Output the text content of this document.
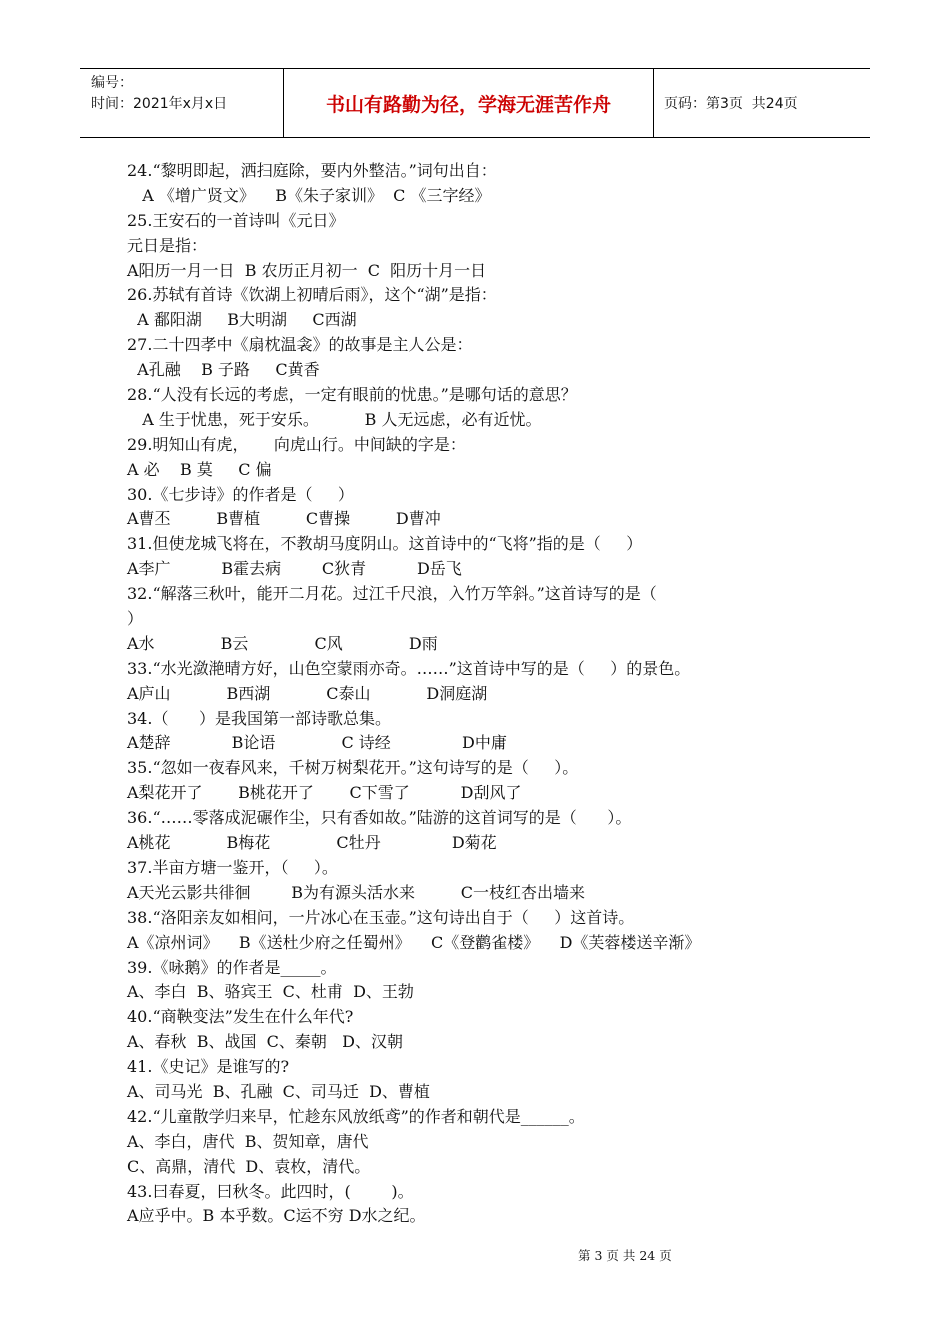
编号：
时间：2021年x月x日	书山有路勤为径，学海无涯苦作舟	页码：第3页  共24页
24.“黎明即起，洒扫庭除，要内外整洁。”词句出自：
A 《增广贤文》    B《朱子家训》  C 《三字经》
25.王安石的一首诗叫《元日》
元日是指：
A阳历一月一日  B 农历正月初一  C  阳历十月一日
26.苏轼有首诗《饮湖上初晴后雨》，这个“湖”是指：
A 鄱阳湖     B大明湖     C西湖
27.二十四孝中《扇枕温衾》的故事是主人公是：
A孔融    B 子路     C黄香
28.“人没有长远的考虑，一定有眼前的忧患。”是哪句话的意思？
A 生于忧患，死于安乐。         B 人无远虑，必有近忧。
29.明知山有虎，     向虎山行。中间缺的字是：
A 必    B 莫     C 偏
30.《七步诗》的作者是（     ）
A曹丕         B曹植         C曹操         D曹冲
31.但使龙城飞将在，不教胡马度阴山。这首诗中的“飞将”指的是（     ）
A李广          B霍去病        C狄青          D岳飞
32.“解落三秋叶，能开二月花。过江千尺浪，入竹万竿斜。”这首诗写的是（
）
A水             B云             C风             D雨
33.“水光潋滟晴方好，山色空蒙雨亦奇。……”这首诗中写的是（     ）的景色。
A庐山           B西湖           C泰山           D洞庭湖
34.（      ）是我国第一部诗歌总集。
A楚辞            B论语             C 诗经              D中庸
35.“忽如一夜春风来，千树万树梨花开。”这句诗写的是（     ）。
A梨花开了       B桃花开了       C下雪了          D刮风了
36.“……零落成泥碾作尘，只有香如故。”陆游的这首词写的是（      ）。
A桃花           B梅花             C牡丹              D菊花
37.半亩方塘一鉴开，（     ）。
A天光云影共徘徊        B为有源头活水来         C一枝红杏出墙来
38.“洛阳亲友如相问，一片冰心在玉壶。”这句诗出自于（     ）这首诗。
A《凉州词》    B《送杜少府之任蜀州》    C《登鹳雀楼》    D《芙蓉楼送辛渐》
39.《咏鹅》的作者是_____。
A、李白  B、骆宾王  C、杜甫  D、王勃
40.“商鞅变法”发生在什么年代?
A、春秋  B、战国  C、秦朝   D、汉朝
41.《史记》是谁写的?
A、司马光  B、孔融  C、司马迁  D、曹植
42.“儿童散学归来早，忙趁东风放纸鸢”的作者和朝代是______。
A、李白，唐代  B、贺知章，唐代
C、高鼎，清代  D、袁枚，清代。
43.曰春夏，曰秋冬。此四时，(        )。
A应乎中。B 本乎数。C运不穷 D水之纪。
第 3 页 共 24 页
